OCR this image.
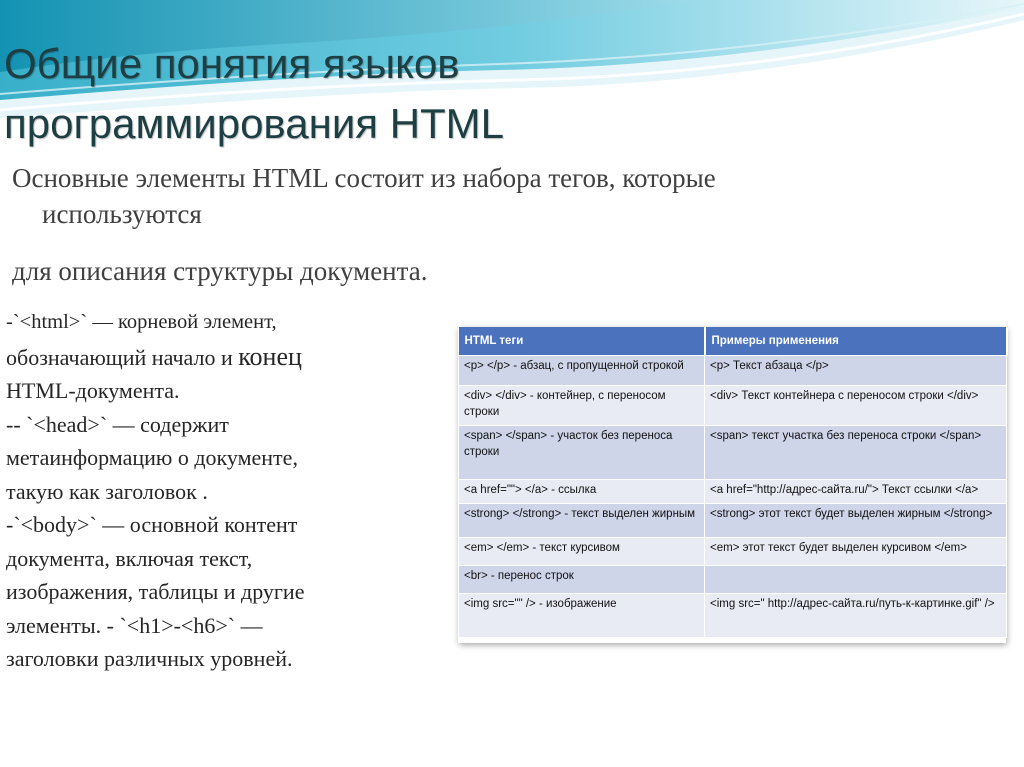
Общие понятия языков
программирования HTML
Основные элементы HTML состоит из набора тегов, которые
используются
для описания структуры документа.
-`<html>` — корневой элемент,
обозначающий начало и конец
HTML-документа.
-- `<head>` — содержит
метаинформацию о документе,
такую как заголовок .
-`<body>` — основной контент
документа, включая текст,
изображения, таблицы и другие
элементы. - `<h1>-<h6>` —
заголовки различных уровней.
HTML теги	Примеры применения
<p> </p> - абзац, с пропущенной строкой	<p> Текст абзаца </p>
<div> </div> - контейнер, с переносом строки	<div> Текст контейнера с переносом строки </div>
<span> </span> - участок без переноса строки	<span> текст участка без переноса строки </span>
<a href=""> </a> - ссылка	<a href="http://адрес-сайта.ru/"> Текст ссылки </a>
<strong> </strong> - текст выделен жирным	<strong> этот текст будет выделен жирным </strong>
<em> </em> - текст курсивом	<em> этот текст будет выделен курсивом </em>
<br> - перенос строк	
<img src="" /> - изображение	<img src=" http://адрес-сайта.ru/путь-к-картинке.gif" />
